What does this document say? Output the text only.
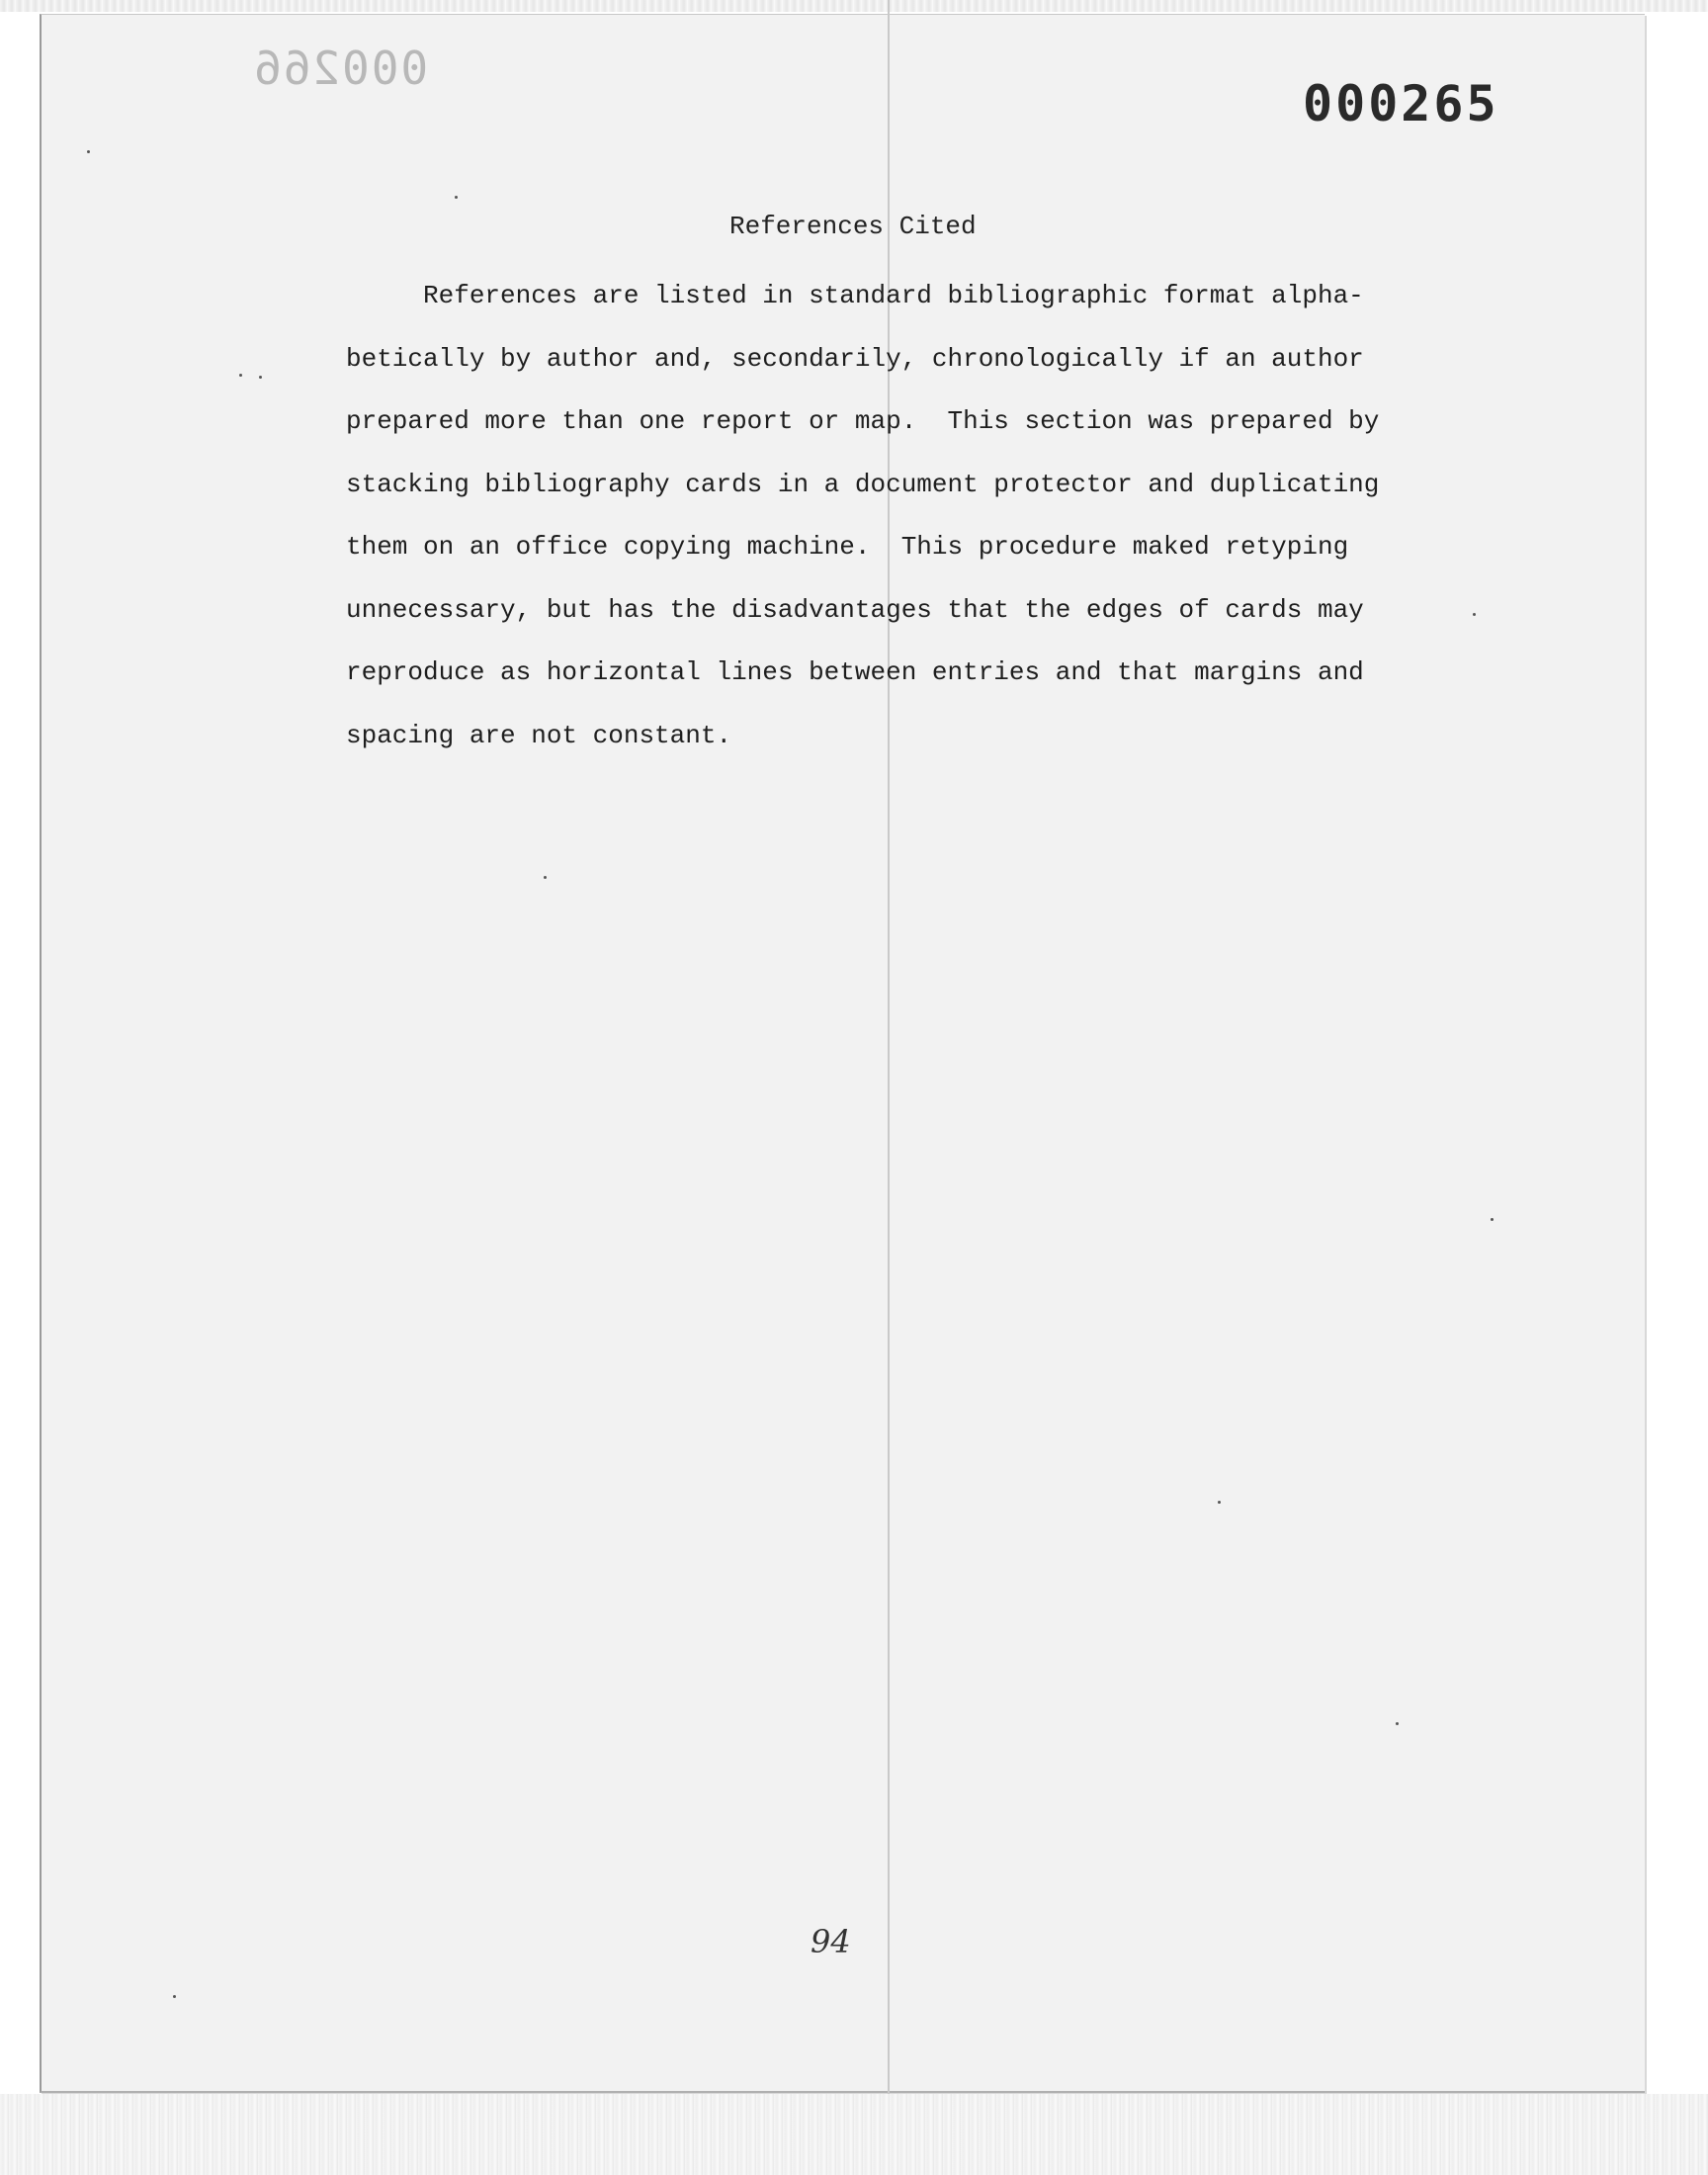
000266
000265
References Cited
References are listed in standard bibliographic format alpha-
betically by author and, secondarily, chronologically if an author
prepared more than one report or map.  This section was prepared by
stacking bibliography cards in a document protector and duplicating
them on an office copying machine.  This procedure maked retyping
unnecessary, but has the disadvantages that the edges of cards may
reproduce as horizontal lines between entries and that margins and
spacing are not constant.
94
